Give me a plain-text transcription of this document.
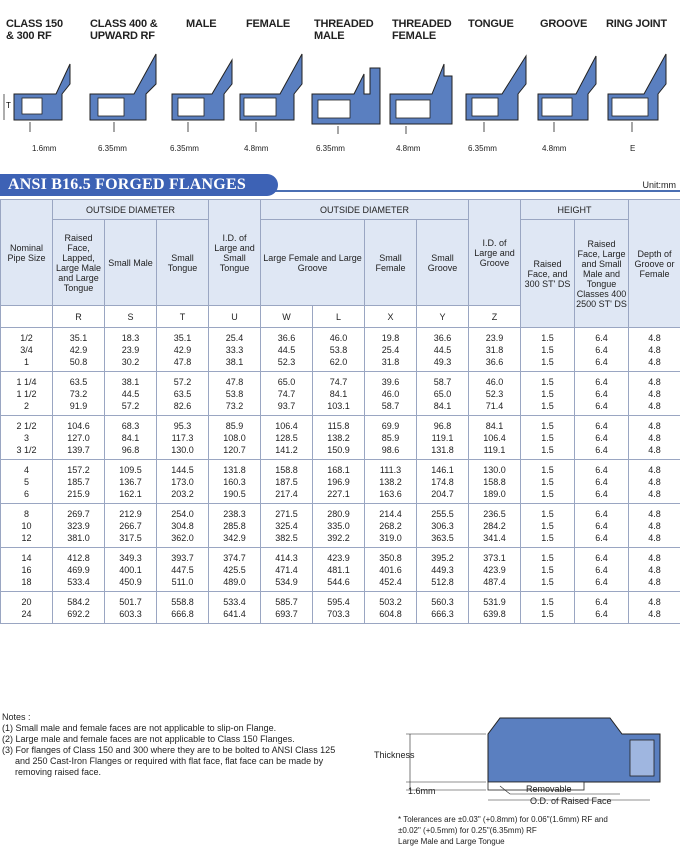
CLASS 150
& 300 RF
T
1.6mm
CLASS 400 &
UPWARD RF
6.35mm
MALE
6.35mm
FEMALE
4.8mm
THREADED
MALE
6.35mm
THREADED
FEMALE
4.8mm
TONGUE
6.35mm
GROOVE
4.8mm
RING JOINT
E
ANSI B16.5 FORGED FLANGES	Unit:mm
Nominal Pipe Size	OUTSIDE DIAMETER			I.D. of Large and Small Tongue	OUTSIDE DIAMETER				I.D. of Large and Groove	HEIGHT		Depth of Groove or Female
	Raised Face, Lapped, Large Male and Large Tongue	Small Male	Small Tongue		Large Female and Large Groove		Small Female	Small Groove		Raised Face, and 300 ST' DS	Raised Face, Large and Small Male and Tongue Classes 400 2500 ST' DS	
	R	S	T	U	W	L	X	Y	Z			
1/2	35.1	18.3	35.1	25.4	36.6	46.0	19.8	36.6	23.9	1.5	6.4	4.8
3/4	42.9	23.9	42.9	33.3	44.5	53.8	25.4	44.5	31.8	1.5	6.4	4.8
1	50.8	30.2	47.8	38.1	52.3	62.0	31.8	49.3	36.6	1.5	6.4	4.8
1 1/4	63.5	38.1	57.2	47.8	65.0	74.7	39.6	58.7	46.0	1.5	6.4	4.8
1 1/2	73.2	44.5	63.5	53.8	74.7	84.1	46.0	65.0	52.3	1.5	6.4	4.8
2	91.9	57.2	82.6	73.2	93.7	103.1	58.7	84.1	71.4	1.5	6.4	4.8
2 1/2	104.6	68.3	95.3	85.9	106.4	115.8	69.9	96.8	84.1	1.5	6.4	4.8
3	127.0	84.1	117.3	108.0	128.5	138.2	85.9	119.1	106.4	1.5	6.4	4.8
3 1/2	139.7	96.8	130.0	120.7	141.2	150.9	98.6	131.8	119.1	1.5	6.4	4.8
4	157.2	109.5	144.5	131.8	158.8	168.1	111.3	146.1	130.0	1.5	6.4	4.8
5	185.7	136.7	173.0	160.3	187.5	196.9	138.2	174.8	158.8	1.5	6.4	4.8
6	215.9	162.1	203.2	190.5	217.4	227.1	163.6	204.7	189.0	1.5	6.4	4.8
8	269.7	212.9	254.0	238.3	271.5	280.9	214.4	255.5	236.5	1.5	6.4	4.8
10	323.9	266.7	304.8	285.8	325.4	335.0	268.2	306.3	284.2	1.5	6.4	4.8
12	381.0	317.5	362.0	342.9	382.5	392.2	319.0	363.5	341.4	1.5	6.4	4.8
14	412.8	349.3	393.7	374.7	414.3	423.9	350.8	395.2	373.1	1.5	6.4	4.8
16	469.9	400.1	447.5	425.5	471.4	481.1	401.6	449.3	423.9	1.5	6.4	4.8
18	533.4	450.9	511.0	489.0	534.9	544.6	452.4	512.8	487.4	1.5	6.4	4.8
20	584.2	501.7	558.8	533.4	585.7	595.4	503.2	560.3	531.9	1.5	6.4	4.8
24	692.2	603.3	666.8	641.4	693.7	703.3	604.8	666.3	639.8	1.5	6.4	4.8
Notes :
(1) Small male and female faces are not applicable to slip-on Flange.
(2) Large male and female faces are not applicable to Class 150 Flanges.
(3) For flanges of Class 150 and 300 where they are to be bolted to ANSI Class 125 and 250 Cast-Iron Flanges or required with flat face, flat face can be made by removing raised face.
Thickness
1.6mm	Removable
O.D. of Raised Face
* Tolerances are ±0.03" (+0.8mm) for 0.06"(1.6mm) RF and
±0.02" (+0.5mm) for 0.25"(6.35mm) RF
Large Male and Large Tongue
